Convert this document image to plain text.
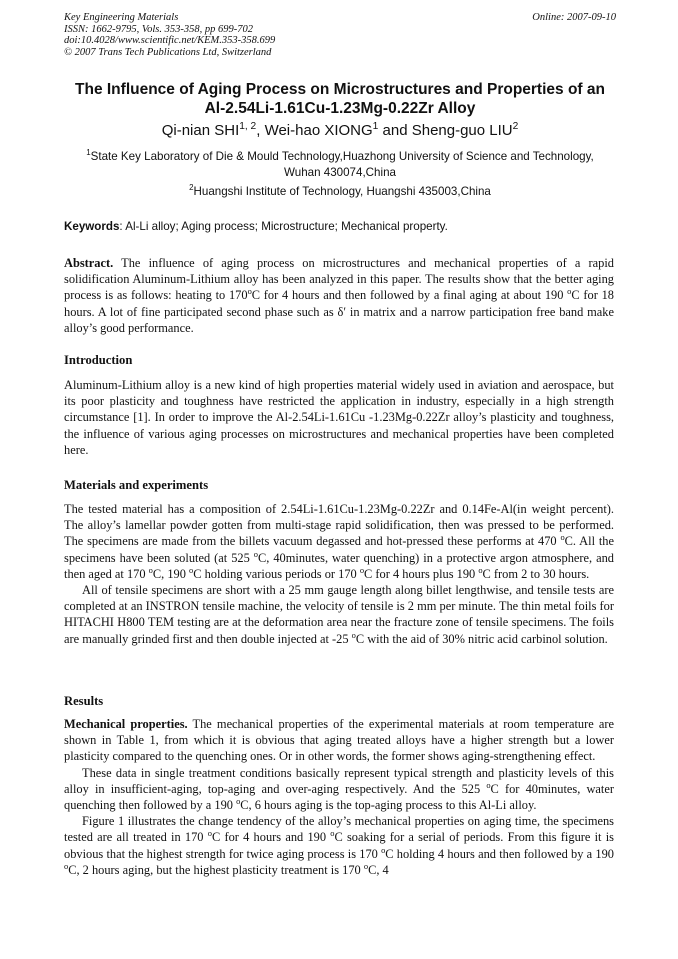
Key Engineering Materials	Online: 2007-09-10
ISSN: 1662-9795, Vols. 353-358, pp 699-702
doi:10.4028/www.scientific.net/KEM.353-358.699
© 2007 Trans Tech Publications Ltd, Switzerland
The Influence of Aging Process on Microstructures and Properties of an
Al-2.54Li-1.61Cu-1.23Mg-0.22Zr Alloy
Qi-nian SHI$^{1, 2}$, Wei-hao XIONG$^1$ and Sheng-guo LIU$^2$
$^1$State Key Laboratory of Die & Mould Technology,Huazhong University of Science and Technology, Wuhan 430074,China
$^2$Huangshi Institute of Technology, Huangshi 435003,China
Keywords: Al-Li alloy; Aging process; Microstructure; Mechanical property.

Abstract. The influence of aging process on microstructures and mechanical properties of a rapid solidification Aluminum-Lithium alloy has been analyzed in this paper. The results show that the better aging process is as follows: heating to 170$^o$C for 4 hours and then followed by a final aging at about 190 $^o$C for 18 hours. A lot of fine participated second phase such as δ′ in matrix and a narrow participation free band make alloy’s good performance.

Introduction

Aluminum-Lithium alloy is a new kind of high properties material widely used in aviation and aerospace, but its poor plasticity and toughness have restricted the application in industry, especially in a high strength circumstance [1]. In order to improve the Al-2.54Li-1.61Cu -1.23Mg-0.22Zr alloy’s plasticity and toughness, the influence of various aging processes on microstructures and mechanical properties have been completed here.

Materials and experiments

The tested material has a composition of 2.54Li-1.61Cu-1.23Mg-0.22Zr and 0.14Fe-Al(in weight percent). The alloy’s lamellar powder gotten from multi-stage rapid solidification, then was pressed to be performed. The specimens are made from the billets vacuum degassed and hot-pressed these performs at 470 $^o$C. All the specimens have been soluted (at 525 $^o$C, 40minutes, water quenching) in a protective argon atmosphere, and then aged at 170 $^o$C, 190 $^o$C holding various periods or 170 $^o$C for 4 hours plus 190 $^o$C from 2 to 30 hours.

All of tensile specimens are short with a 25 mm gauge length along billet lengthwise, and tensile tests are completed at an INSTRON tensile machine, the velocity of tensile is 2 mm per minute. The thin metal foils for HITACHI H800 TEM testing are at the deformation area near the fracture zone of tensile specimens. The foils are manually grinded first and then double injected at -25 $^o$C with the aid of 30% nitric acid carbinol solution.

Results

Mechanical properties. The mechanical properties of the experimental materials at room temperature are shown in Table 1, from which it is obvious that aging treated alloys have a higher strength but a lower plasticity compared to the quenching ones. Or in other words, the former shows aging-strengthening effect.

These data in single treatment conditions basically represent typical strength and plasticity levels of this alloy in insufficient-aging, top-aging and over-aging respectively. And the 525 $^o$C for 40minutes, water quenching then followed by a 190 $^o$C, 6 hours aging is the top-aging process to this Al-Li alloy.

Figure 1 illustrates the change tendency of the alloy’s mechanical properties on aging time, the specimens tested are all treated in 170 $^o$C for 4 hours and 190 $^o$C soaking for a serial of periods. From this figure it is obvious that the highest strength for twice aging process is 170 $^o$C holding 4 hours and then followed by a 190 $^o$C, 2 hours aging, but the highest plasticity treatment is 170 $^o$C, 4
